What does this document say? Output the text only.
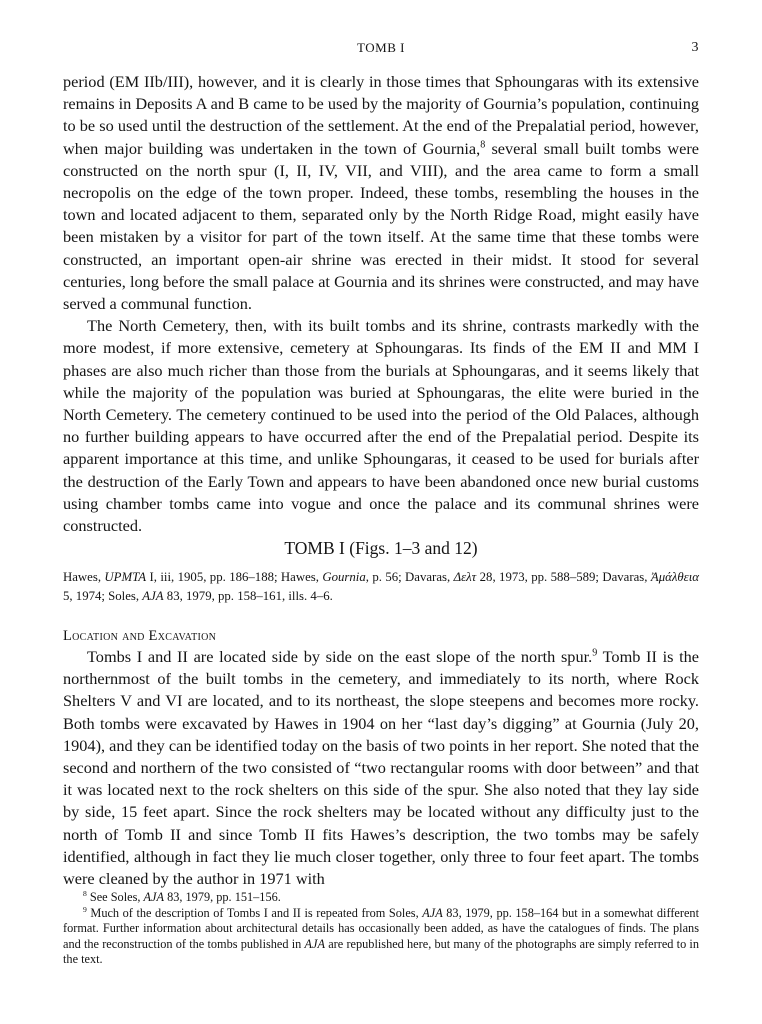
TOMB I	3

period (EM IIb/III), however, and it is clearly in those times that Sphoungaras with its extensive remains in Deposits A and B came to be used by the majority of Gournia’s population, continuing to be so used until the destruction of the settlement. At the end of the Prepalatial period, however, when major building was undertaken in the town of Gournia,$^8$ several small built tombs were constructed on the north spur (I, II, IV, VII, and VIII), and the area came to form a small necropolis on the edge of the town proper. Indeed, these tombs, resembling the houses in the town and located adjacent to them, separated only by the North Ridge Road, might easily have been mistaken by a visitor for part of the town itself. At the same time that these tombs were constructed, an important open-air shrine was erected in their midst. It stood for several centuries, long before the small palace at Gournia and its shrines were constructed, and may have served a communal function.

The North Cemetery, then, with its built tombs and its shrine, contrasts markedly with the more modest, if more extensive, cemetery at Sphoungaras. Its finds of the EM II and MM I phases are also much richer than those from the burials at Sphoungaras, and it seems likely that while the majority of the population was buried at Sphoungaras, the elite were buried in the North Cemetery. The cemetery continued to be used into the period of the Old Palaces, although no further building appears to have occurred after the end of the Prepalatial period. Despite its apparent importance at this time, and unlike Sphoungaras, it ceased to be used for burials after the destruction of the Early Town and appears to have been abandoned once new burial customs using chamber tombs came into vogue and once the palace and its communal shrines were constructed.

TOMB I (Figs. 1–3 and 12)
Hawes, UPMTA I, iii, 1905, pp. 186–188; Hawes, Gournia, p. 56; Davaras, Δελτ 28, 1973, pp. 588–589; Davaras, Ἀμάλθεια 5, 1974; Soles, AJA 83, 1979, pp. 158–161, ills. 4–6.
Location and Excavation

Tombs I and II are located side by side on the east slope of the north spur.$^9$ Tomb II is the northernmost of the built tombs in the cemetery, and immediately to its north, where Rock Shelters V and VI are located, and to its northeast, the slope steepens and becomes more rocky. Both tombs were excavated by Hawes in 1904 on her “last day’s digging” at Gournia (July 20, 1904), and they can be identified today on the basis of two points in her report. She noted that the second and northern of the two consisted of “two rectangular rooms with door between” and that it was located next to the rock shelters on this side of the spur. She also noted that they lay side by side, 15 feet apart. Since the rock shelters may be located without any difficulty just to the north of Tomb II and since Tomb II fits Hawes’s description, the two tombs may be safely identified, although in fact they lie much closer together, only three to four feet apart. The tombs were cleaned by the author in 1971 with

$^8$ See Soles, AJA 83, 1979, pp. 151–156.

$^9$ Much of the description of Tombs I and II is repeated from Soles, AJA 83, 1979, pp. 158–164 but in a somewhat different format. Further information about architectural details has occasionally been added, as have the catalogues of finds. The plans and the reconstruction of the tombs published in AJA are republished here, but many of the photographs are simply referred to in the text.
